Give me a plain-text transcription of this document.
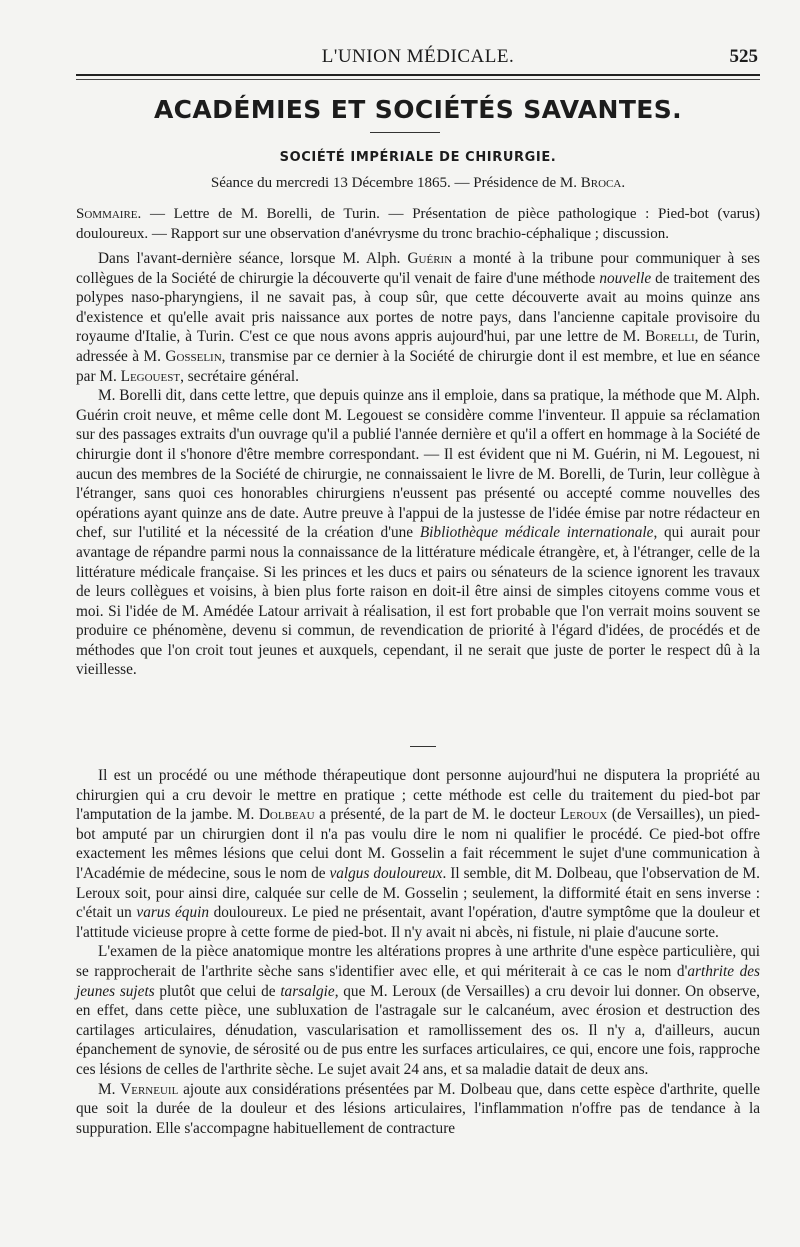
L'UNION MÉDICALE.	525
ACADÉMIES ET SOCIÉTÉS SAVANTES.
SOCIÉTÉ IMPÉRIALE DE CHIRURGIE.
Séance du mercredi 13 Décembre 1865. — Présidence de M. Broca.
Sommaire. — Lettre de M. Borelli, de Turin. — Présentation de pièce pathologique : Pied-bot (varus) douloureux. — Rapport sur une observation d'anévrysme du tronc brachio-céphalique ; discussion.

Dans l'avant-dernière séance, lorsque M. Alph. Guérin a monté à la tribune pour communiquer à ses collègues de la Société de chirurgie la découverte qu'il venait de faire d'une méthode nouvelle de traitement des polypes naso-pharyngiens, il ne savait pas, à coup sûr, que cette découverte avait au moins quinze ans d'existence et qu'elle avait pris naissance aux portes de notre pays, dans l'ancienne capitale provisoire du royaume d'Italie, à Turin. C'est ce que nous avons appris aujourd'hui, par une lettre de M. Borelli, de Turin, adressée à M. Gosselin, transmise par ce dernier à la Société de chirurgie dont il est membre, et lue en séance par M. Legouest, secrétaire général.

M. Borelli dit, dans cette lettre, que depuis quinze ans il emploie, dans sa pratique, la méthode que M. Alph. Guérin croit neuve, et même celle dont M. Legouest se considère comme l'inventeur. Il appuie sa réclamation sur des passages extraits d'un ouvrage qu'il a publié l'année dernière et qu'il a offert en hommage à la Société de chirurgie dont il s'honore d'être membre correspondant. — Il est évident que ni M. Guérin, ni M. Legouest, ni aucun des membres de la Société de chirurgie, ne connaissaient le livre de M. Borelli, de Turin, leur collègue à l'étranger, sans quoi ces honorables chirurgiens n'eussent pas présenté ou accepté comme nouvelles des opérations ayant quinze ans de date. Autre preuve à l'appui de la justesse de l'idée émise par notre rédacteur en chef, sur l'utilité et la nécessité de la création d'une Bibliothèque médicale internationale, qui aurait pour avantage de répandre parmi nous la connaissance de la littérature médicale étrangère, et, à l'étranger, celle de la littérature médicale française. Si les princes et les ducs et pairs ou sénateurs de la science ignorent les travaux de leurs collègues et voisins, à bien plus forte raison en doit-il être ainsi de simples citoyens comme vous et moi. Si l'idée de M. Amédée Latour arrivait à réalisation, il est fort probable que l'on verrait moins souvent se produire ce phénomène, devenu si commun, de revendication de priorité à l'égard d'idées, de procédés et de méthodes que l'on croit tout jeunes et auxquels, cependant, il ne serait que juste de porter le respect dû à la vieillesse.

Il est un procédé ou une méthode thérapeutique dont personne aujourd'hui ne disputera la propriété au chirurgien qui a cru devoir le mettre en pratique ; cette méthode est celle du traitement du pied-bot par l'amputation de la jambe. M. Dolbeau a présenté, de la part de M. le docteur Leroux (de Versailles), un pied-bot amputé par un chirurgien dont il n'a pas voulu dire le nom ni qualifier le procédé. Ce pied-bot offre exactement les mêmes lésions que celui dont M. Gosselin a fait récemment le sujet d'une communication à l'Académie de médecine, sous le nom de valgus douloureux. Il semble, dit M. Dolbeau, que l'observation de M. Leroux soit, pour ainsi dire, calquée sur celle de M. Gosselin ; seulement, la difformité était en sens inverse : c'était un varus équin douloureux. Le pied ne présentait, avant l'opération, d'autre symptôme que la douleur et l'attitude vicieuse propre à cette forme de pied-bot. Il n'y avait ni abcès, ni fistule, ni plaie d'aucune sorte.

L'examen de la pièce anatomique montre les altérations propres à une arthrite d'une espèce particulière, qui se rapprocherait de l'arthrite sèche sans s'identifier avec elle, et qui mériterait à ce cas le nom d'arthrite des jeunes sujets plutôt que celui de tarsalgie, que M. Leroux (de Versailles) a cru devoir lui donner. On observe, en effet, dans cette pièce, une subluxation de l'astragale sur le calcanéum, avec érosion et destruction des cartilages articulaires, dénudation, vascularisation et ramollissement des os. Il n'y a, d'ailleurs, aucun épanchement de synovie, de sérosité ou de pus entre les surfaces articulaires, ce qui, encore une fois, rapproche ces lésions de celles de l'arthrite sèche. Le sujet avait 24 ans, et sa maladie datait de deux ans.

M. Verneuil ajoute aux considérations présentées par M. Dolbeau que, dans cette espèce d'arthrite, quelle que soit la durée de la douleur et des lésions articulaires, l'inflammation n'offre pas de tendance à la suppuration. Elle s'accompagne habituellement de contracture
